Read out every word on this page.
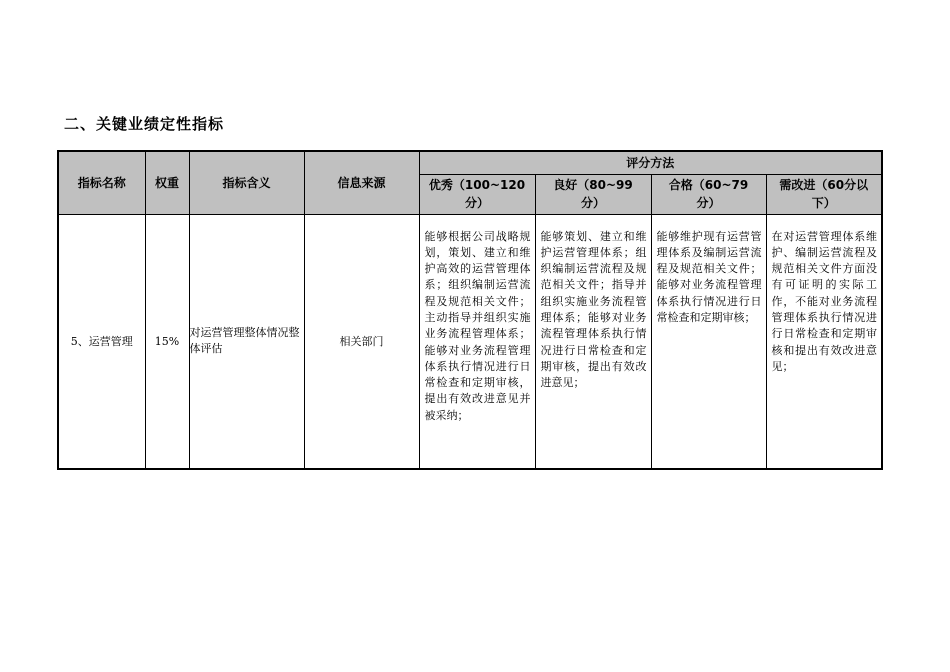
二、关键业绩定性指标
指标名称	权重	指标含义	信息来源	评分方法			
				优秀（100~120分）	良好（80~99分）	合格（60~79分）	需改进（60分以下）
5、运营管理	15%	对运营管理整体情况整体评估	相关部门	能够根据公司战略规划，策划、建立和维护高效的运营管理体系；组织编制运营流程及规范相关文件；主动指导并组织实施业务流程管理体系；能够对业务流程管理体系执行情况进行日常检查和定期审核，提出有效改进意见并被采纳；	能够策划、建立和维护运营管理体系；组织编制运营流程及规范相关文件；指导并组织实施业务流程管理体系；能够对业务流程管理体系执行情况进行日常检查和定期审核，提出有效改进意见；	能够维护现有运营管理体系及编制运营流程及规范相关文件；能够对业务流程管理体系执行情况进行日常检查和定期审核；	在对运营管理体系维护、编制运营流程及规范相关文件方面没有可证明的实际工作，不能对业务流程管理体系执行情况进行日常检查和定期审核和提出有效改进意见；
